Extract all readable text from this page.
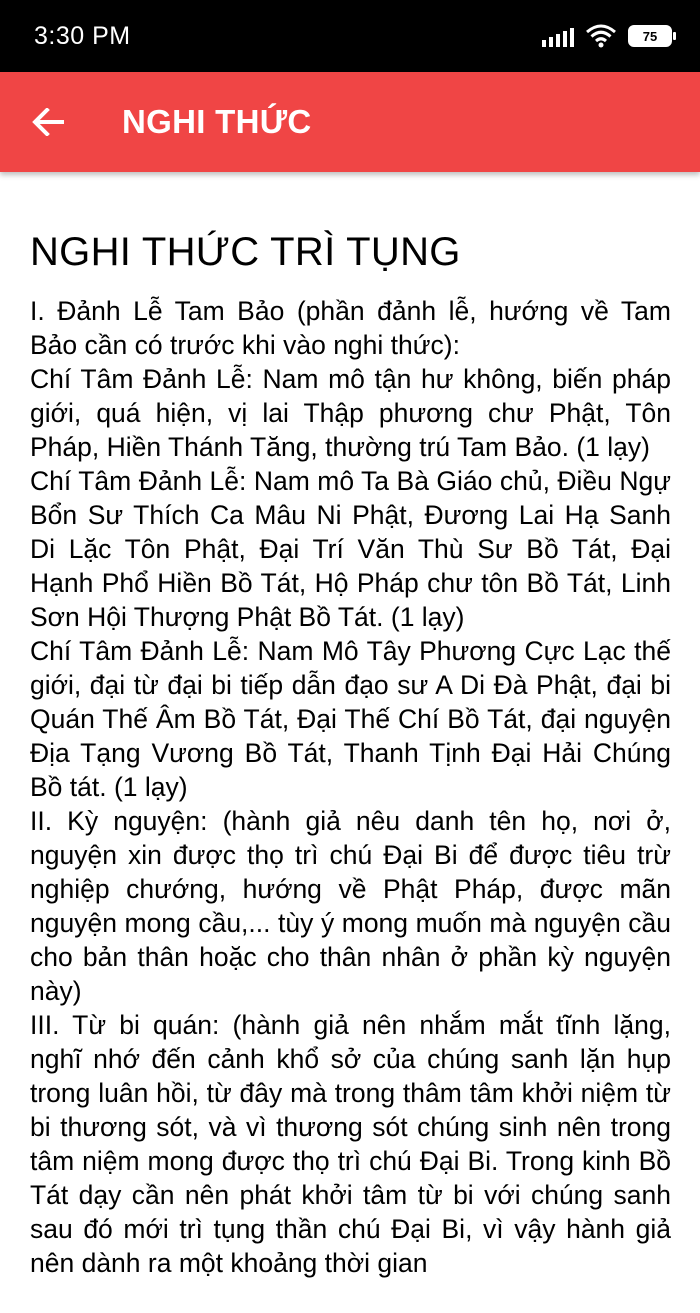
3:30 PM	75
NGHI THỨC
NGHI THỨC TRÌ TỤNG

I. Đảnh Lễ Tam Bảo (phần đảnh lễ, hướng về Tam Bảo cần có trước khi vào nghi thức):

Chí Tâm Đảnh Lễ: Nam mô tận hư không, biến pháp giới, quá hiện, vị lai Thập phương chư Phật, Tôn Pháp, Hiền Thánh Tăng, thường trú Tam Bảo. (1 lạy)

Chí Tâm Đảnh Lễ: Nam mô Ta Bà Giáo chủ, Điều Ngự Bổn Sư Thích Ca Mâu Ni Phật, Đương Lai Hạ Sanh Di Lặc Tôn Phật, Đại Trí Văn Thù Sư Bồ Tát, Đại Hạnh Phổ Hiền Bồ Tát, Hộ Pháp chư tôn Bồ Tát, Linh Sơn Hội Thượng Phật Bồ Tát. (1 lạy)

Chí Tâm Đảnh Lễ: Nam Mô Tây Phương Cực Lạc thế giới, đại từ đại bi tiếp dẫn đạo sư A Di Đà Phật, đại bi Quán Thế Âm Bồ Tát, Đại Thế Chí Bồ Tát, đại nguyện Địa Tạng Vương Bồ Tát, Thanh Tịnh Đại Hải Chúng Bồ tát. (1 lạy)

II. Kỳ nguyện: (hành giả nêu danh tên họ, nơi ở, nguyện xin được thọ trì chú Đại Bi để được tiêu trừ nghiệp chướng, hướng về Phật Pháp, được mãn nguyện mong cầu,... tùy ý mong muốn mà nguyện cầu cho bản thân hoặc cho thân nhân ở phần kỳ nguyện này)

III. Từ bi quán: (hành giả nên nhắm mắt tĩnh lặng, nghĩ nhớ đến cảnh khổ sở của chúng sanh lặn hụp trong luân hồi, từ đây mà trong thâm tâm khởi niệm từ bi thương sót, và vì thương sót chúng sinh nên trong tâm niệm mong được thọ trì chú Đại Bi. Trong kinh Bồ Tát dạy cần nên phát khởi tâm từ bi với chúng sanh sau đó mới trì tụng thần chú Đại Bi, vì vậy hành giả nên dành ra một khoảng thời gian
